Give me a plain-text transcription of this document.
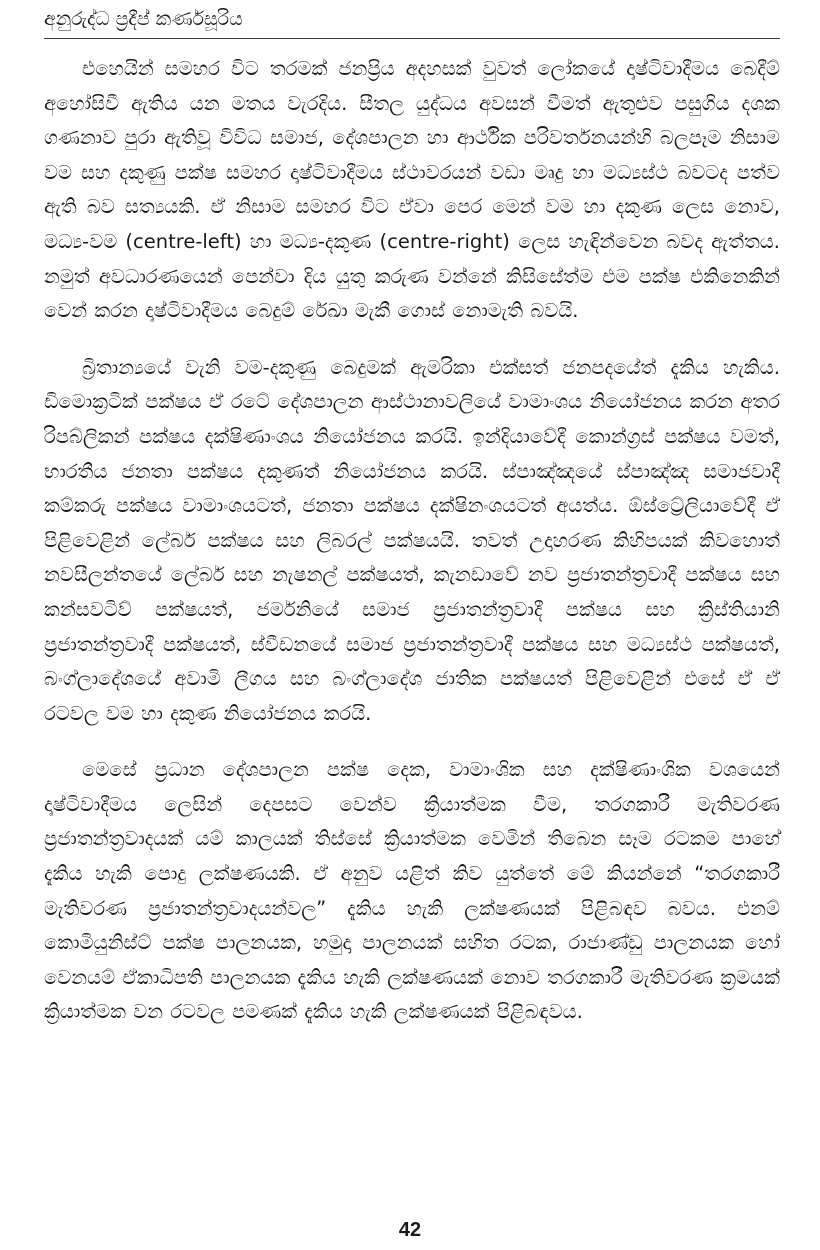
අනුරුද්ධ ප්‍රදීප් කර්ණසූරිය

එහෙයින් සමහර විට තරමක් ජනප්‍රිය අදහසක් වුවත් ලෝකයේ දෘෂ්ටිවාදීමය බෙදීම් අහෝසිවී ඇතිය යන මතය වැරදිය. සීතල යුද්ධය අවසන් වීමත් ඇතුළුව පසුගිය දශක ගණනාව පුරා ඇතිවූ විවිධ සමාජ, දේශපාලන හා ආර්ථික පරිවර්තනයන්හි බලපෑම නිසාම වම සහ දකුණු පක්ෂ සමහර දෘෂ්ටිවාදීමය ස්ථාවරයන් වඩා මෘදු හා මධ්‍යස්ථ බවටද පත්ව ඇති බව සත්‍යයකි. ඒ නිසාම සමහර විට ඒවා පෙර මෙන් වම හා දකුණ ලෙස නොව, මධ්‍ය-වම (centre-left) හා මධ්‍ය-දකුණ (centre-right) ලෙස හැඳින්වෙන බවද ඇත්තය. නමුත් අවධාරණයෙන් පෙන්වා දිය යුතු කරුණ වන්නේ කිසිසේත්ම එම පක්ෂ එකිනෙකින් වෙන් කරන දෘෂ්ටිවාදීමය බෙදුම් රේඛා මැකී ගොස් නොමැති බවයි.

බ්‍රිතාන්‍යයේ වැනි වම-දකුණු බෙදුමක් ඇමරිකා එක්සත් ජනපදයේත් දැකිය හැකිය. ඩිමොක්‍රටික් පක්ෂය ඒ රටේ දේශපාලන ආස්ථානාවලියේ වාමාංශය නියෝජනය කරන අතර රිපබ්ලිකන් පක්ෂය දක්ෂිණාංශය නියෝජනය කරයි. ඉන්දියාවේදී කොන්ග්‍රස් පක්ෂය වමත්, භාරතීය ජනතා පක්ෂය දකුණත් නියෝජනය කරයි. ස්පාඤ්ඤයේ ස්පාඤ්ඤ සමාජවාදී කම්කරු පක්ෂය වාමාංශයටත්, ජනතා පක්ෂය දක්ෂිනංශයටත් අයත්ය. ඕස්ට්‍රේලියාවේදී ඒ පිළිවෙළින් ලේබර් පක්ෂය සහ ලිබරල් පක්ෂයයි. තවත් උදාහරණ කිහිපයක් කිවහොත් නවසීලන්තයේ ලේබර් සහ නැෂනල් පක්ෂයත්, කැනඩාවේ නව ප්‍රජාතන්ත්‍රවාදී පක්ෂය සහ කන්සවටිව් පක්ෂයත්, ජර්මනියේ සමාජ ප්‍රජාතන්ත්‍රවාදී පක්ෂය සහ ක්‍රිස්තියානි ප්‍රජාතන්ත්‍රවාදී පක්ෂයත්, ස්වීඩනයේ සමාජ ප්‍රජාතන්ත්‍රවාදී පක්ෂය සහ මධ්‍යස්ථ පක්ෂයත්, බංග්ලාදේශයේ අවාමි ලීගය සහ බංග්ලාදේශ ජාතික පක්ෂයත් පිළිවෙළින් එසේ ඒ ඒ රටවල වම හා දකුණ නියෝජනය කරයි.

මෙසේ ප්‍රධාන දේශපාලන පක්ෂ දෙක, වාමාංශික සහ දක්ෂිණාංශික වශයෙන් දෘෂ්ටිවාදීමය ලෙසින් දෙපසට වෙන්ව ක්‍රියාත්මක වීම, තරගකාරී මැතිවරණ ප්‍රජාතන්ත්‍රවාදයක් යම් කාලයක් තිස්සේ ක්‍රියාත්මක වෙමින් තිබෙන සෑම රටකම පාහේ දැකිය හැකි පොදු ලක්ෂණයකි. ඒ අනුව යළිත් කිව යුත්තේ මේ කියන්නේ “තරගකාරී මැතිවරණ ප්‍රජාතන්ත්‍රවාදයන්වල” දැකිය හැකි ලක්ෂණයක් පිළිබඳව බවය. එනම් කොමියුනිස්ට් පක්ෂ පාලනයක, හමුදා පාලනයක් සහිත රටක, රාජාණ්ඩු පාලනයක හෝ වෙනයම් ඒකාධිපති පාලනයක දැකිය හැකි ලක්ෂණයක් නොව තරගකාරී මැතිවරණ ක්‍රමයක් ක්‍රියාත්මක වන රටවල පමණක් දැකිය හැකි ලක්ෂණයක් පිළිබඳවය.

42
